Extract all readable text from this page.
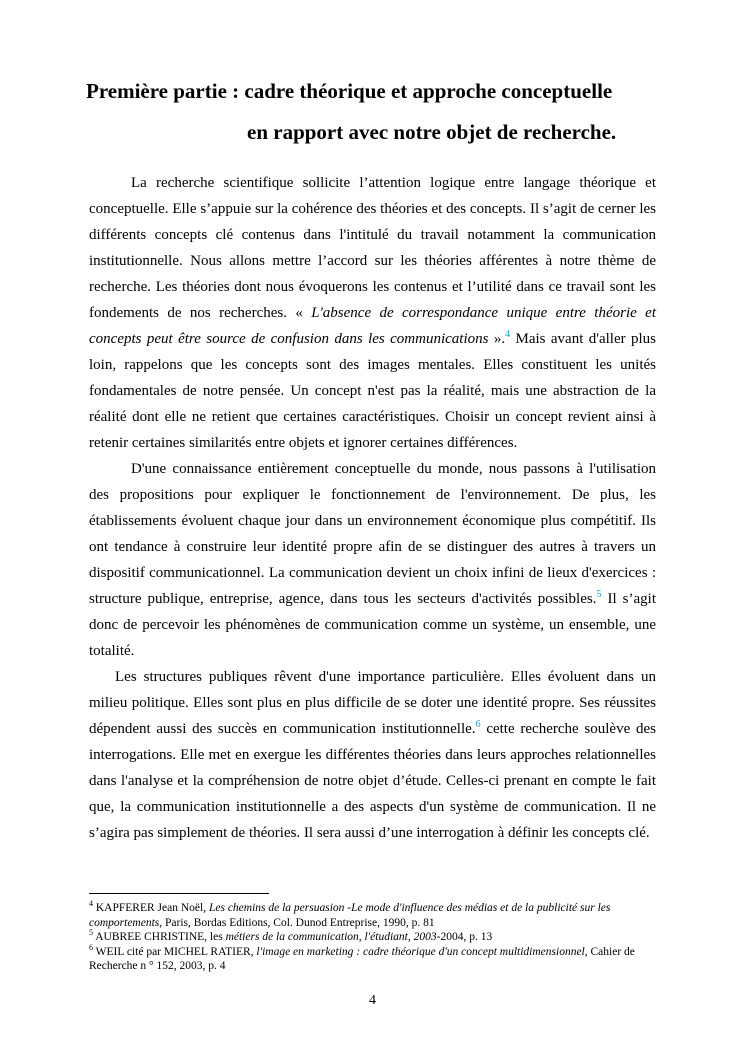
Première partie : cadre théorique et approche conceptuelle
en rapport avec notre objet de recherche.

La recherche scientifique sollicite l’attention logique entre langage théorique et conceptuelle. Elle s’appuie sur la cohérence des théories et des concepts. Il s’agit de cerner les différents concepts clé contenus dans l'intitulé du travail notamment la communication institutionnelle. Nous allons mettre l’accord sur les théories afférentes à notre thème de recherche. Les théories dont nous évoquerons les contenus et l’utilité dans ce travail sont les fondements de nos recherches. « L'absence de correspondance unique entre théorie et concepts peut être source de confusion dans les communications ».$^4$ Mais avant d'aller plus loin, rappelons que les concepts sont des images mentales. Elles constituent les unités fondamentales de notre pensée. Un concept n'est pas la réalité, mais une abstraction de la réalité dont elle ne retient que certaines caractéristiques. Choisir un concept revient ainsi à retenir certaines similarités entre objets et ignorer certaines différences.

D'une connaissance entièrement conceptuelle du monde, nous passons à l'utilisation des propositions pour expliquer le fonctionnement de l'environnement. De plus, les établissements évoluent chaque jour dans un environnement économique plus compétitif. Ils ont tendance à construire leur identité propre afin de se distinguer des autres à travers un dispositif communicationnel. La communication devient un choix infini de lieux d'exercices : structure publique, entreprise, agence, dans tous les secteurs d'activités possibles.$^5$ Il s’agit donc de percevoir les phénomènes de communication comme un système, un ensemble, une totalité.

Les structures publiques rêvent d'une importance particulière. Elles évoluent dans un milieu politique. Elles sont plus en plus difficile de se doter une identité propre. Ses réussites dépendent aussi des succès en communication institutionnelle.$^6$ cette recherche soulève des interrogations. Elle met en exergue les différentes théories dans leurs approches relationnelles dans l'analyse et la compréhension de notre objet d’étude. Celles-ci prenant en compte le fait que, la communication institutionnelle a des aspects d'un système de communication. Il ne s’agira pas simplement de théories. Il sera aussi d’une interrogation à définir les concepts clé.

$^4$ KAPFERER Jean Noël, Les chemins de la persuasion -Le mode d'influence des médias et de la publicité sur les comportements, Paris, Bordas Editions, Col. Dunod Entreprise, 1990, p. 81

$^5$ AUBREE CHRISTINE, les métiers de la communication, l'étudiant, 2003-2004, p. 13

$^6$ WEIL cité par MICHEL RATIER, l'image en marketing : cadre théorique d'un concept multidimensionnel, Cahier de Recherche n ° 152, 2003, p. 4

4
